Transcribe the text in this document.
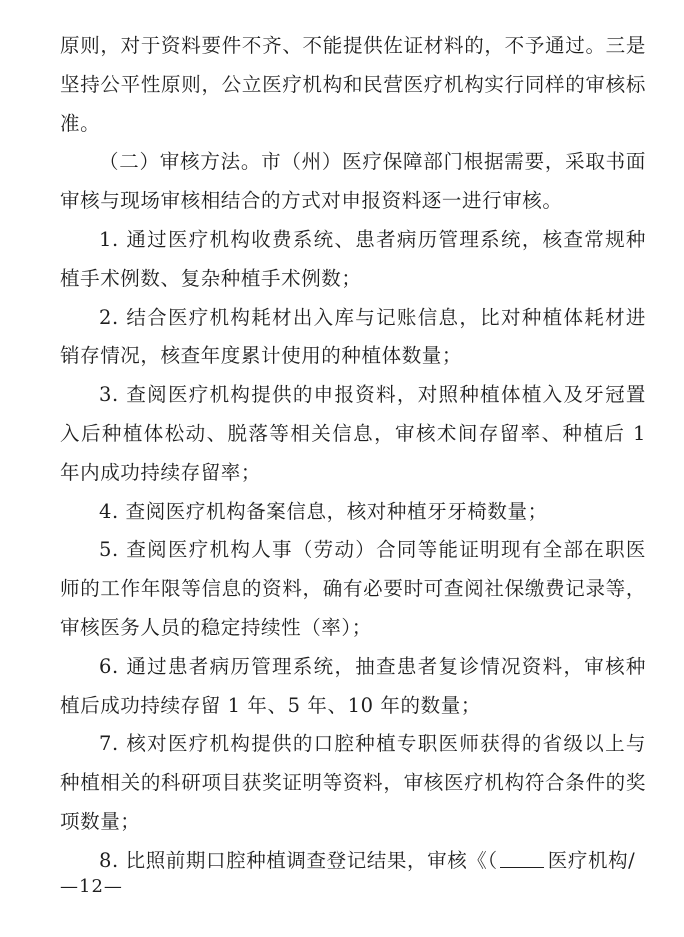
原则，对于资料要件不齐、不能提供佐证材料的，不予通过。三是坚持公平性原则，公立医疗机构和民营医疗机构实行同样的审核标准。

（二）审核方法。市（州）医疗保障部门根据需要，采取书面审核与现场审核相结合的方式对申报资料逐一进行审核。

1. 通过医疗机构收费系统、患者病历管理系统，核查常规种植手术例数、复杂种植手术例数；

2. 结合医疗机构耗材出入库与记账信息，比对种植体耗材进销存情况，核查年度累计使用的种植体数量；

3. 查阅医疗机构提供的申报资料，对照种植体植入及牙冠置入后种植体松动、脱落等相关信息，审核术间存留率、种植后 1 年内成功持续存留率；

4. 查阅医疗机构备案信息，核对种植牙牙椅数量；

5. 查阅医疗机构人事（劳动）合同等能证明现有全部在职医师的工作年限等信息的资料，确有必要时可查阅社保缴费记录等，审核医务人员的稳定持续性（率）；

6. 通过患者病历管理系统，抽查患者复诊情况资料，审核种植后成功持续存留 1 年、5 年、10 年的数量；

7. 核对医疗机构提供的口腔种植专职医师获得的省级以上与种植相关的科研项目获奖证明等资料，审核医疗机构符合条件的奖项数量；

8. 比照前期口腔种植调查登记结果，审核《（	医疗机构/

—12—
